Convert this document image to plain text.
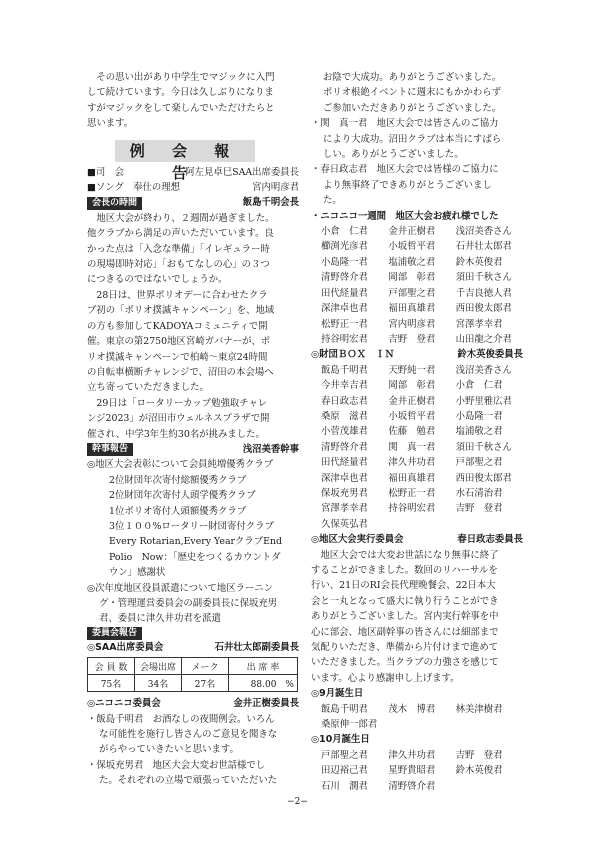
その思い出があり中学生でマジックに入門

して続けています。今日は久しぶりになりま

すがマジックをして楽しんでいただけたらと

思います。

例 会 報 告
■司　会	阿左見卓巳SAA出席委員長
■ソング　奉仕の理想	宮内明彦君
会長の時間	飯島千明会長

地区大会が終わり、２週間が過ぎました。

他クラブから満足の声いただいています。良

かった点は「入念な準備」「イレギュラー時

の現場即時対応」「おもてなしの心」の３つ

につきるのではないでしょうか。

28日は、世界ポリオデーに合わせたクラ

ブ初の「ポリオ撲滅キャンペーン」を、地域

の方も参加してKADOYAコミュニティで開

催。東京の第2750地区宮崎ガバナーが、ポ

リオ撲滅キャンペーンで柏崎～東京24時間

の自転車横断チャレンジで、沼田の本会場へ

立ち寄っていただきました。

29日は「ロータリーカップ勉強取チャレ

ンジ2023」が沼田市ウェルネスプラザで開

催され、中学3年生約30名が挑みました。

幹事報告	浅沼美香幹事

◎地区大会表彰について会員純増優秀クラブ

2位財団年次寄付総額優秀クラブ

2位財団年次寄付人頭学優秀クラブ

1位ポリオ寄付人頭額優秀クラブ

3位１００%ロータリー財団寄付クラブ

Every Rotarian,Every YearクラブEnd

Polio　Now：「歴史をつくるカウントダ

ウン」感謝状

◎次年度地区役員派遣について地区ラーニン

グ・管理運営委員会の副委員長に保坂充男

君、委員に津久井功君を派遣

委員会報告
◎SAA出席委員会	石井壮太郎副委員長
会 員 数	会場出席	メーク	出 席 率
75名	34名	27名	88.00　%
◎ニコニコ委員会	金井正樹委員長

・飯島千明君　お酒なしの夜間例会。いろん

な可能性を施行し皆さんのご意見を聞きな

がらやっていきたいと思います。

・保坂充男君　地区大会大変お世話様でし

た。それぞれの立場で頑張っていただいた

お陰で大成功。ありがとうございました。

ポリオ根絶イベントに週末にもかかわらず

ご参加いただきありがとうございました。

・関　真一君　地区大会では皆さんのご協力

により大成功。沼田クラブは本当にすばら

しい。ありがとうございました。

・春日政志君　地区大会では皆様のご協力に

より無事終了できありがとうございまし

た。

・ニコニコ一週間　地区大会お疲れ様でした
小倉　仁君	金井正樹君	浅沼美香さん
櫛渕光彦君	小坂哲平君	石井壮太郎君
小島隆一君	塩浦敬之君	鈴木英俊君
清野啓介君	岡部　彰君	須田千秋さん
田代経量君	戸部聖之君	千吉良徳人君
深津卓也君	福田真雄君	西田俊太郎君
松野正一君	宮内明彦君	宮澤孝幸君
持谷明宏君	吉野　登君	山田龍之介君
◎財団ＢＯＸ　ＩＮ	鈴木英俊委員長
飯島千明君	天野純一君	浅沼美香さん
今井幸吉君	岡部　彰君	小倉　仁君
春日政志君	金井正樹君	小野里雅広君
桑原　滋君	小坂哲平君	小島隆一君
小菅茂雄君	佐藤　勉君	塩浦敬之君
清野啓介君	関　真一君	須田千秋さん
田代経量君	津久井功君	戸部聖之君
深津卓也君	福田真雄君	西田俊太郎君
保坂充男君	松野正一君	水石清治君
宮澤孝幸君	持谷明宏君	吉野　登君
久保英弘君
◎地区大会実行委員会	春日政志委員長

地区大会では大変お世話になり無事に終了

することができました。数回のリハーサルを

行い、21日のRI会長代理晩餐会、22日本大

会と一丸となって盛大に執り行うことができ

ありがとうございました。宮内実行幹事を中

心に部会、地区副幹事の皆さんには細部まで

気配りいただき、準備から片付けまで進めて

いただきました。当クラブの力強さを感じて

います。心より感謝申し上げます。

◎9月誕生日
飯島千明君	茂木　博君	林美津樹君
桑原伸一郎君
◎10月誕生日
戸部聖之君	津久井功君	吉野　登君
田辺裕己君	星野貴昭君	鈴木英俊君
石川　潤君	清野啓介君
−2−
